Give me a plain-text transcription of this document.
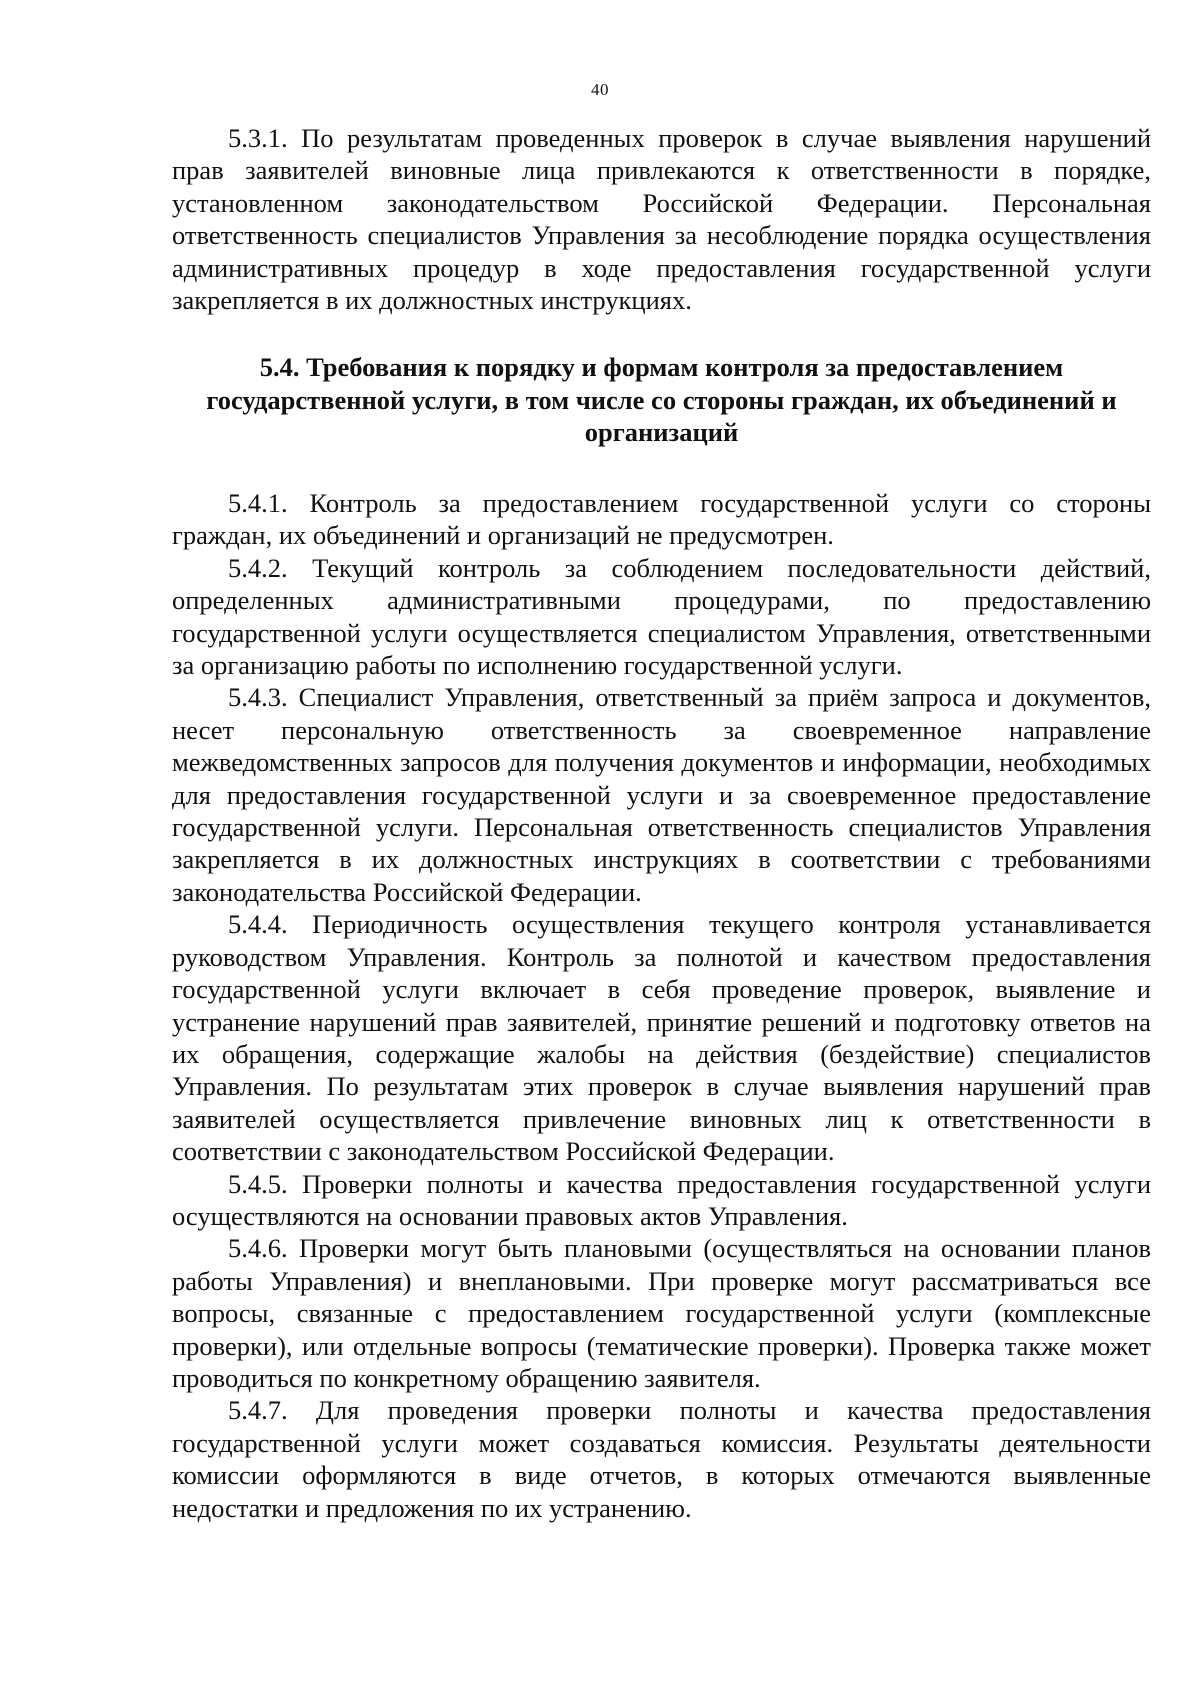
40

5.3.1. По результатам проведенных проверок в случае выявления нарушений прав заявителей виновные лица привлекаются к ответственности в порядке, установленном законодательством Российской Федерации. Персональная ответственность специалистов Управления за несоблюдение порядка осуществления административных процедур в ходе предоставления государственной услуги закрепляется в их должностных инструкциях.

5.4. Требования к порядку и формам контроля за предоставлением государственной услуги, в том числе со стороны граждан, их объединений и организаций

5.4.1. Контроль за предоставлением государственной услуги со стороны граждан, их объединений и организаций не предусмотрен.

5.4.2. Текущий контроль за соблюдением последовательности действий, определенных административными процедурами, по предоставлению государственной услуги осуществляется специалистом Управления, ответственными за организацию работы по исполнению государственной услуги.

5.4.3. Специалист Управления, ответственный за приём запроса и документов, несет персональную ответственность за своевременное направление межведомственных запросов для получения документов и информации, необходимых для предоставления государственной услуги и за своевременное предоставление государственной услуги. Персональная ответственность специалистов Управления закрепляется в их должностных инструкциях в соответствии с требованиями законодательства Российской Федерации.

5.4.4. Периодичность осуществления текущего контроля устанавливается руководством Управления. Контроль за полнотой и качеством предоставления государственной услуги включает в себя проведение проверок, выявление и устранение нарушений прав заявителей, принятие решений и подготовку ответов на их обращения, содержащие жалобы на действия (бездействие) специалистов Управления. По результатам этих проверок в случае выявления нарушений прав заявителей осуществляется привлечение виновных лиц к ответственности в соответствии с законодательством Российской Федерации.

5.4.5. Проверки полноты и качества предоставления государственной услуги осуществляются на основании правовых актов Управления.

5.4.6. Проверки могут быть плановыми (осуществляться на основании планов работы Управления) и внеплановыми. При проверке могут рассматриваться все вопросы, связанные с предоставлением государственной услуги (комплексные проверки), или отдельные вопросы (тематические проверки). Проверка также может проводиться по конкретному обращению заявителя.

5.4.7. Для проведения проверки полноты и качества предоставления государственной услуги может создаваться комиссия. Результаты деятельности комиссии оформляются в виде отчетов, в которых отмечаются выявленные недостатки и предложения по их устранению.
